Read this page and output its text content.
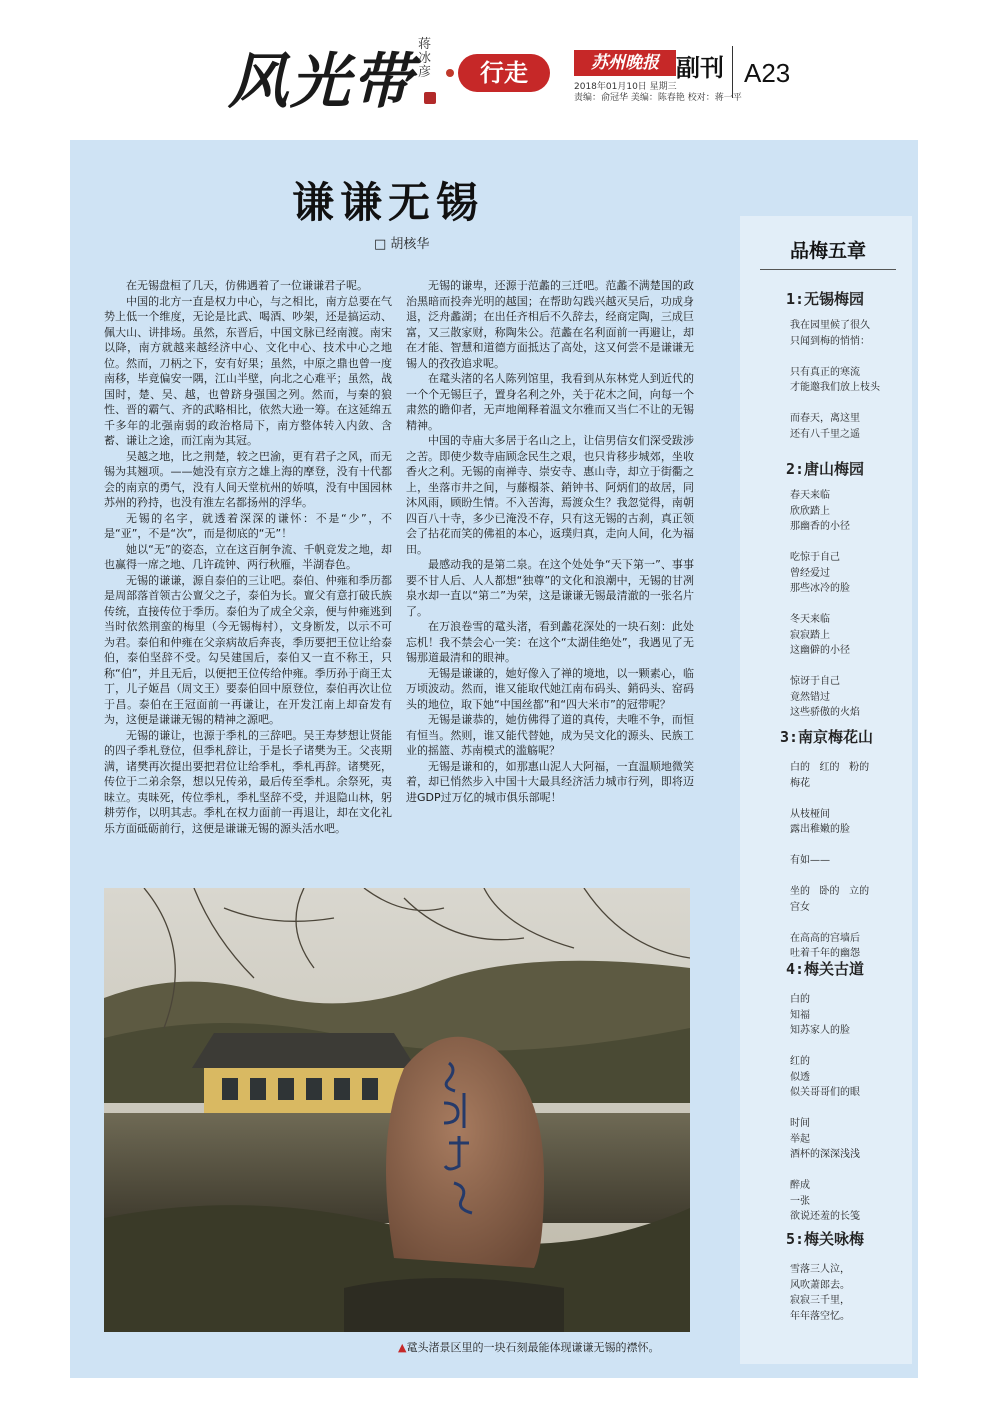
风光带
蒋冰彦	行走	苏州晚报 副刊 A23
2018年01月10日 星期三
责编：俞冠华 美编：陈春艳 校对：蒋一平
谦谦无锡
□ 胡核华

在无锡盘桓了几天，仿佛遇着了一位谦谦君子呢。

中国的北方一直是权力中心，与之相比，南方总要在气势上低一个维度，无论是比武、喝酒、吵架，还是搞运动、佩大山、讲排场。虽然，东晋后，中国文脉已经南渡。南宋以降，南方就越来越经济中心、文化中心、技术中心之地位。然而，刀柄之下，安有好果；虽然，中原之鼎也曾一度南移，毕竟偏安一隅，江山半壁，向北之心难平；虽然，战国时，楚、吴、越，也曾跻身强国之列。然而，与秦的狼性、晋的霸气、齐的武略相比，依然大逊一筹。在这延绵五千多年的北强南弱的政治格局下，南方整体转入内敛、含蓄、谦让之途，而江南为其冠。

吴越之地，比之荆楚，较之巴渝，更有君子之风，而无锡为其翘项。——她没有京方之雄上海的摩登，没有十代都会的南京的勇气，没有人间天堂杭州的娇嗔，没有中国园林苏州的矜持，也没有淮左名都扬州的浮华。

无锡的名字，就透着深深的谦怀：不是“少”，不是“亚”，不是“次”，而是彻底的“无”！

她以“无”的姿态，立在这百舸争流、千帆竞发之地，却也赢得一席之地、几许疏钟、两行秋雁，半湖春色。

无锡的谦谦，源自泰伯的三让吧。泰伯、仲雍和季历都是周部落首领古公亶父之子，泰伯为长。亶父有意打破氏族传统，直接传位于季历。泰伯为了成全父亲，便与仲雍逃到当时依然荆蛮的梅里（今无锡梅村），文身断发，以示不可为君。泰伯和仲雍在父亲病故后奔丧，季历要把王位让给泰伯，泰伯坚辞不受。勾吴建国后，泰伯又一直不称王，只称“伯”，并且无后，以便把王位传给仲雍。季历孙于商王太丁，儿子姬昌（周文王）要泰伯回中原登位，泰伯再次让位于昌。泰伯在王冠面前一再谦让，在开发江南上却奋发有为，这便是谦谦无锡的精神之源吧。

无锡的谦让，也源于季札的三辞吧。吴王寿梦想让贤能的四子季札登位，但季札辞让，于是长子诸樊为王。父丧期满，诸樊再次提出要把君位让给季札，季札再辞。诸樊死，传位于二弟余祭，想以兄传弟，最后传至季札。余祭死，夷昧立。夷昧死，传位季札，季札坚辞不受，并退隐山林，躬耕劳作，以明其志。季札在权力面前一再退让，却在文化礼乐方面砥砺前行，这便是谦谦无锡的源头活水吧。

无锡的谦卑，还源于范蠡的三迁吧。范蠡不满楚国的政治黑暗而投奔光明的越国；在帮助勾践兴越灭吴后，功成身退，泛舟蠡湖；在出任齐相后不久辞去，经商定陶，三成巨富，又三散家财，称陶朱公。范蠡在名利面前一再避让，却在才能、智慧和道德方面抵达了高处，这又何尝不是谦谦无锡人的孜孜追求呢。

在鼋头渚的名人陈列馆里，我看到从东林党人到近代的一个个无锡巨子，置身名利之外，关于花木之间，向每一个肃然的瞻仰者，无声地阐释着温文尔雅而又当仁不让的无锡精神。

中国的寺庙大多居于名山之上，让信男信女们深受跋涉之苦。即使少数寺庙顾念民生之艰，也只肯移步城郊，坐收香火之利。无锡的南禅寺、崇安寺、惠山寺，却立于街衢之上，坐落市井之间，与藤榻茶、銷钟书、阿炳们的故居，同沐风雨，顾盼生情。不入苦海，焉渡众生？我忽觉得，南朝四百八十寺，多少已淹没不存，只有这无锡的古刹，真正领会了拈花而笑的佛祖的本心，返璞归真，走向人间，化为福田。

最感动我的是第二泉。在这个处处争“天下第一”、事事要不甘人后、人人都想“独尊”的文化和浪潮中，无锡的甘冽泉水却一直以“第二”为荣，这是谦谦无锡最清澈的一张名片了。

在万浪卷雪的鼋头渚，看到蠡花深处的一块石刻：此处忘机！我不禁会心一笑：在这个“太湖佳绝处”，我遇见了无锡那道最清和的眼神。

无锡是谦谦的，她好像入了禅的境地，以一颗素心，临万顷波动。然而，谁又能取代她江南布码头、銷码头、窑码头的地位，取下她“中国丝都”和“四大米市”的冠带呢？

无锡是谦恭的，她仿佛得了道的真传，夫唯不争，而恒有恒当。然则，谁又能代替她，成为吴文化的源头、民族工业的摇篮、苏南模式的滥觞呢？

无锡是谦和的，如那惠山泥人大阿福，一直温顺地微笑着，却已悄然步入中国十大最具经济活力城市行列，即将迈进GDP过万亿的城市俱乐部呢！

▲鼋头渚景区里的一块石刻最能体现谦谦无锡的襟怀。
品梅五章
1:无锡梅园
我在园里候了很久
只闻到梅的悄悄：

只有真正的寒流
才能邀我们放上枝头

而春天，离这里
还有八千里之遥
2:唐山梅园
春天来临
欣欣踏上
那幽香的小径

吃惊于自己
曾经爱过
那些冰冷的脸

冬天来临
寂寂踏上
这幽僻的小径

惊讶于自己
竟然错过
这些骄傲的火焰
3:南京梅花山
白的   红的   粉的
梅花

从枝桠间
露出稚嫩的脸

有如——

坐的   卧的   立的
宫女

在高高的宫墙后
吐着千年的幽怨
4:梅关古道
白的
知福
知苏家人的脸

红的
似透
似关哥哥们的眼

时间
举起
酒杯的深深浅浅

醉成
一张
欲说还羞的长笺
5:梅关咏梅
雪落三人泣，
风吹萧郎去。
寂寂三千里，
年年落空忆。
